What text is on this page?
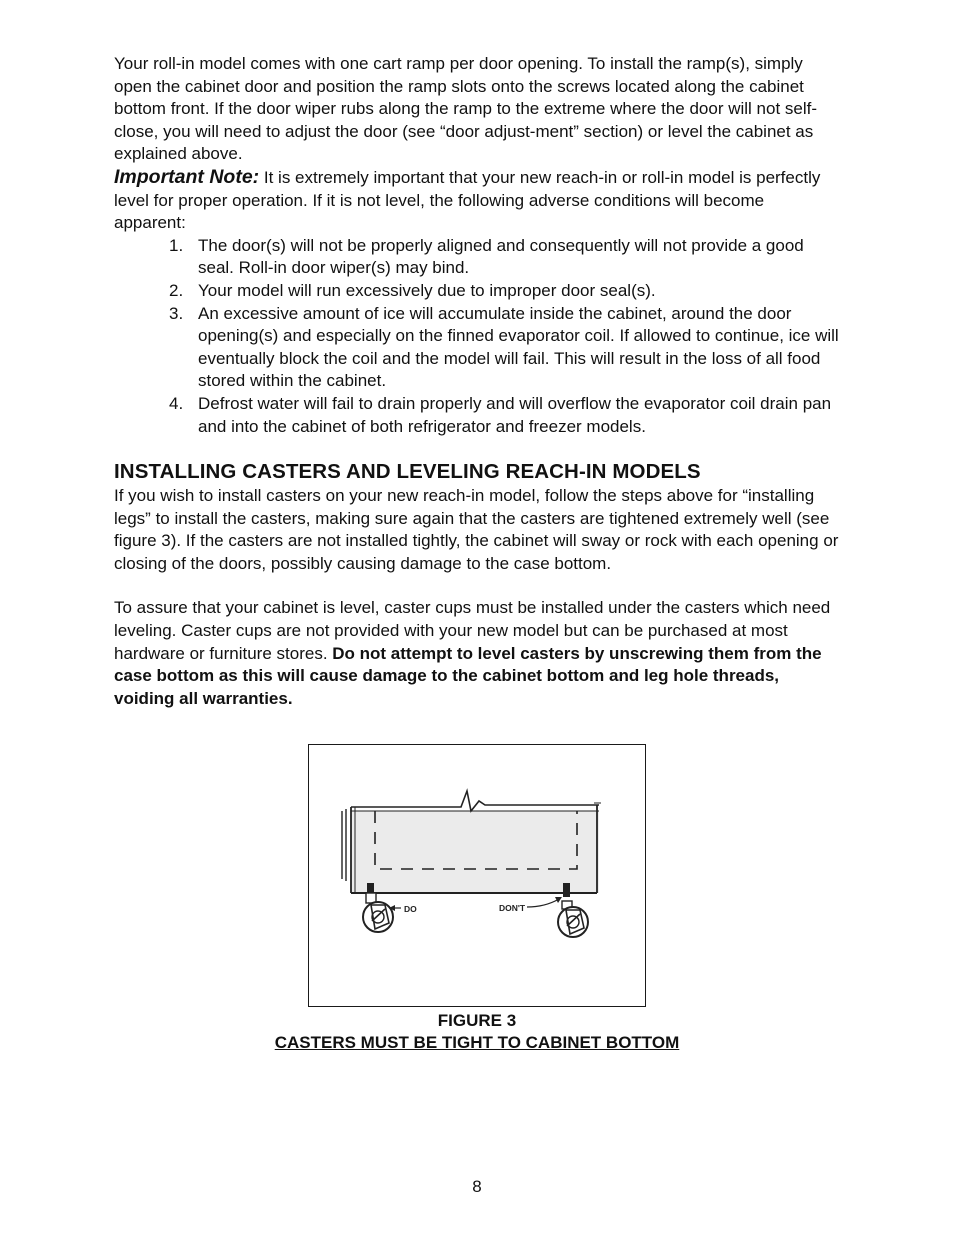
Your roll-in model comes with one cart ramp per door opening. To install the ramp(s), simply open the cabinet door and position the ramp slots onto the screws located along the cabinet bottom front. If the door wiper rubs along the ramp to the extreme where the door will not self-close, you will need to adjust the door (see “door adjust-ment” section) or level the cabinet as explained above.

Important Note: It is extremely important that your new reach-in or roll-in model is perfectly level for proper operation. If it is not level, the following adverse conditions will become apparent:

1. The door(s) will not be properly aligned and consequently will not provide a good seal. Roll-in door wiper(s) may bind.
2. Your model will run excessively due to improper door seal(s).
3. An excessive amount of ice will accumulate inside the cabinet, around the door opening(s) and especially on the finned evaporator coil. If allowed to continue, ice will eventually block the coil and the model will fail. This will result in the loss of all food stored within the cabinet.
4. Defrost water will fail to drain properly and will overflow the evaporator coil drain pan and into the cabinet of both refrigerator and freezer models.
INSTALLING CASTERS AND LEVELING REACH-IN MODELS

If you wish to install casters on your new reach-in model, follow the steps above for “installing legs” to install the casters, making sure again that the casters are tightened extremely well (see figure 3). If the casters are not installed tightly, the cabinet will sway or rock with each opening or closing of the doors, possibly causing damage to the case bottom.

To assure that your cabinet is level, caster cups must be installed under the casters which need leveling. Caster cups are not provided with your new model but can be purchased at most hardware or furniture stores. Do not attempt to level casters by unscrewing them from the case bottom as this will cause damage to the cabinet bottom and leg hole threads, voiding all warranties.

DO	DON'T
FIGURE 3
CASTERS MUST BE TIGHT TO CABINET BOTTOM
8
